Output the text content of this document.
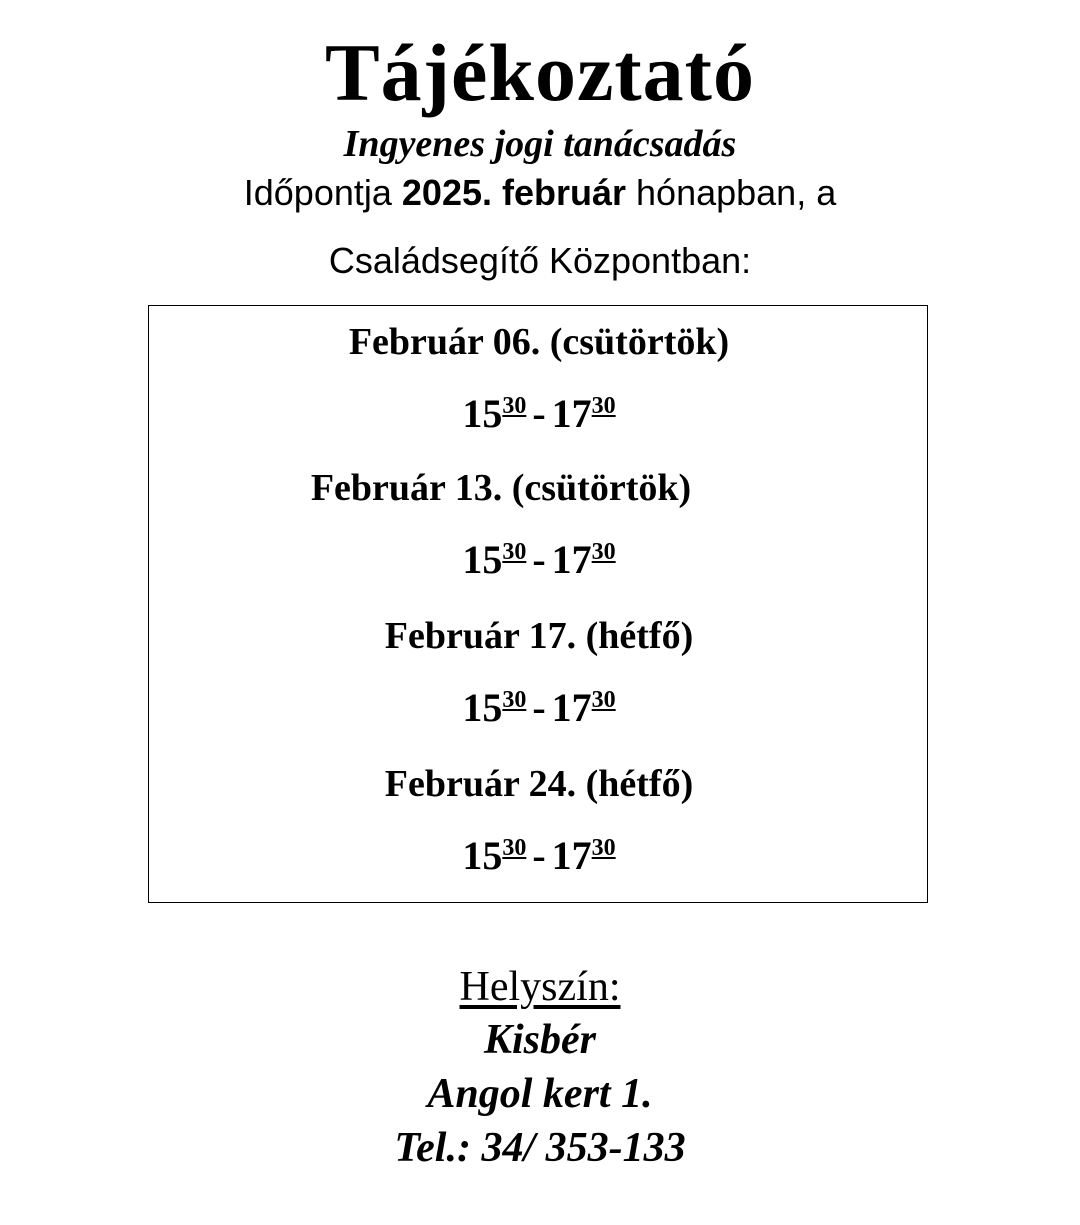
Tájékoztató
Ingyenes jogi tanácsadás
Időpontja 2025. február hónapban, a
Családsegítő Központban:
Február 06. (csütörtök)
$15^{30} - 17^{30}$
Február 13. (csütörtök)
$15^{30} - 17^{30}$
Február 17. (hétfő)
$15^{30} - 17^{30}$
Február 24. (hétfő)
$15^{30} - 17^{30}$
Helyszín:
Kisbér
Angol kert 1.
Tel.: 34/ 353-133
